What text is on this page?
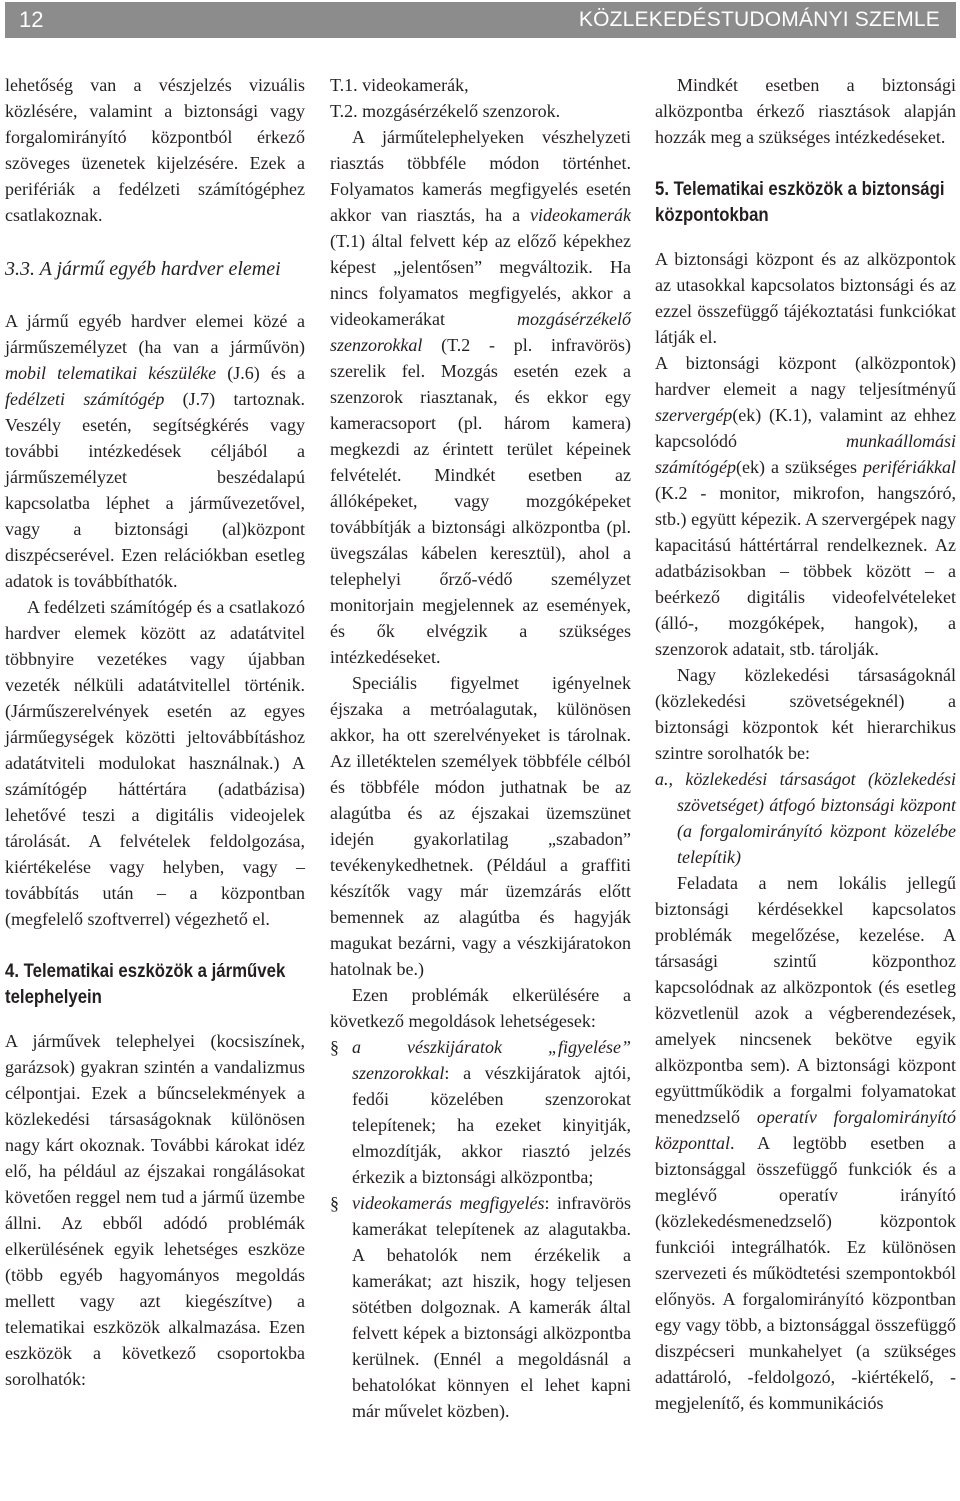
12	KÖZLEKEDÉSTUDOMÁNYI SZEMLE

lehetőség van a vészjelzés vizuális közlésére, valamint a biztonsági vagy forgalomirányító központból érkező szöveges üzenetek kijelzésére. Ezek a perifériák a fedélzeti számítógéphez csatlakoznak.

3.3. A jármű egyéb hardver elemei

A jármű egyéb hardver elemei közé a járműszemélyzet (ha van a járművön) mobil telematikai készüléke (J.6) és a fedélzeti számítógép (J.7) tartoznak. Veszély esetén, segítségkérés vagy további intézkedések céljából a járműszemélyzet beszédalapú kapcsolatba léphet a járművezetővel, vagy a biztonsági (al)központ diszpécserével. Ezen relációkban esetleg adatok is továbbíthatók.

A fedélzeti számítógép és a csatlakozó hardver elemek között az adatátvitel többnyire vezetékes vagy újabban vezeték nélküli adatátvitellel történik. (Járműszerelvények esetén az egyes járműegységek közötti jeltovábbításhoz adatátviteli modulokat használnak.) A számítógép háttértára (adatbázisa) lehetővé teszi a digitális videojelek tárolását. A felvételek feldolgozása, kiértékelése vagy helyben, vagy – továbbítás után – a központban (megfelelő szoftverrel) végezhető el.

4. Telematikai eszközök a járművek telephelyein

A járművek telephelyei (kocsiszínek, garázsok) gyakran szintén a vandalizmus célpontjai. Ezek a bűncselekmények a közlekedési társaságoknak különösen nagy kárt okoznak. További károkat idéz elő, ha például az éjszakai rongálásokat követően reggel nem tud a jármű üzembe állni. Az ebből adódó problémák elkerülésének egyik lehetséges eszköze (több egyéb hagyományos megoldás mellett vagy azt kiegészítve) a telematikai eszközök alkalmazása. Ezen eszközök a következő csoportokba sorolhatók:

T.1. videokamerák,

T.2. mozgásérzékelő szenzorok.

A járműtelephelyeken vészhelyzeti riasztás többféle módon történhet. Folyamatos kamerás megfigyelés esetén akkor van riasztás, ha a videokamerák (T.1) által felvett kép az előző képekhez képest „jelentősen” megváltozik. Ha nincs folyamatos megfigyelés, akkor a videokamerákat mozgásérzékelő szenzorokkal (T.2 - pl. infravörös) szerelik fel. Mozgás esetén ezek a szenzorok riasztanak, és ekkor egy kameracsoport (pl. három kamera) megkezdi az érintett terület képeinek felvételét. Mindkét esetben az állóképeket, vagy mozgóképeket továbbítják a biztonsági alközpontba (pl. üvegszálas kábelen keresztül), ahol a telephelyi őrző-védő személyzet monitorjain megjelennek az események, és ők elvégzik a szükséges intézkedéseket.

Speciális figyelmet igényelnek éjszaka a metróalagutak, különösen akkor, ha ott szerelvényeket is tárolnak. Az illetéktelen személyek többféle célból és többféle módon juthatnak be az alagútba és az éjszakai üzemszünet idején gyakorlatilag „szabadon” tevékenykedhetnek. (Például a graffiti készítők vagy már üzemzárás előtt bemennek az alagútba és hagyják magukat bezárni, vagy a vészkijáratokon hatolnak be.)

Ezen problémák elkerülésére a következő megoldások lehetségesek:

§ a vészkijáratok „figyelése” szenzorokkal: a vészkijáratok ajtói, fedői közelében szenzorokat telepítenek; ha ezeket kinyitják, elmozdítják, akkor riasztó jelzés érkezik a biztonsági alközpontba;

§ videokamerás megfigyelés: infravörös kamerákat telepítenek az alagutakba. A behatolók nem érzékelik a kamerákat; azt hiszik, hogy teljesen sötétben dolgoznak. A kamerák által felvett képek a biztonsági alközpontba kerülnek. (Ennél a megoldásnál a behatolókat könnyen el lehet kapni már művelet közben).

Mindkét esetben a biztonsági alközpontba érkező riasztások alapján hozzák meg a szükséges intézkedéseket.

5. Telematikai eszközök a biztonsági központokban

A biztonsági központ és az alközpontok az utasokkal kapcsolatos biztonsági és az ezzel összefüggő tájékoztatási funkciókat látják el.

A biztonsági központ (alközpontok) hardver elemeit a nagy teljesítményű szervergép(ek) (K.1), valamint az ehhez kapcsolódó munkaállomási számítógép(ek) a szükséges perifériákkal (K.2 - monitor, mikrofon, hangszóró, stb.) együtt képezik. A szervergépek nagy kapacitású háttértárral rendelkeznek. Az adatbázisokban – többek között – a beérkező digitális videofelvételeket (álló-, mozgóképek, hangok), a szenzorok adatait, stb. tárolják.

Nagy közlekedési társaságoknál (közlekedési szövetségeknél) a biztonsági központok két hierarchikus szintre sorolhatók be:

a., közlekedési társaságot (közlekedési szövetséget) átfogó biztonsági központ (a forgalomirányító központ közelébe telepítik)

Feladata a nem lokális jellegű biztonsági kérdésekkel kapcsolatos problémák megelőzése, kezelése. A társasági szintű központhoz kapcsolódnak az alközpontok (és esetleg közvetlenül azok a végberendezések, amelyek nincsenek bekötve egyik alközpontba sem). A biztonsági központ együttműködik a forgalmi folyamatokat menedzselő operatív forgalomirányító központtal. A legtöbb esetben a biztonsággal összefüggő funkciók és a meglévő operatív irányító (közlekedésmenedzselő) központok funkciói integrálhatók. Ez különösen szervezeti és működtetési szempontokból előnyös. A forgalomirányító központban egy vagy több, a biztonsággal összefüggő diszpécseri munkahelyet (a szükséges adattároló, -feldolgozó, -kiértékelő, -megjelenítő, és kommunikációs
